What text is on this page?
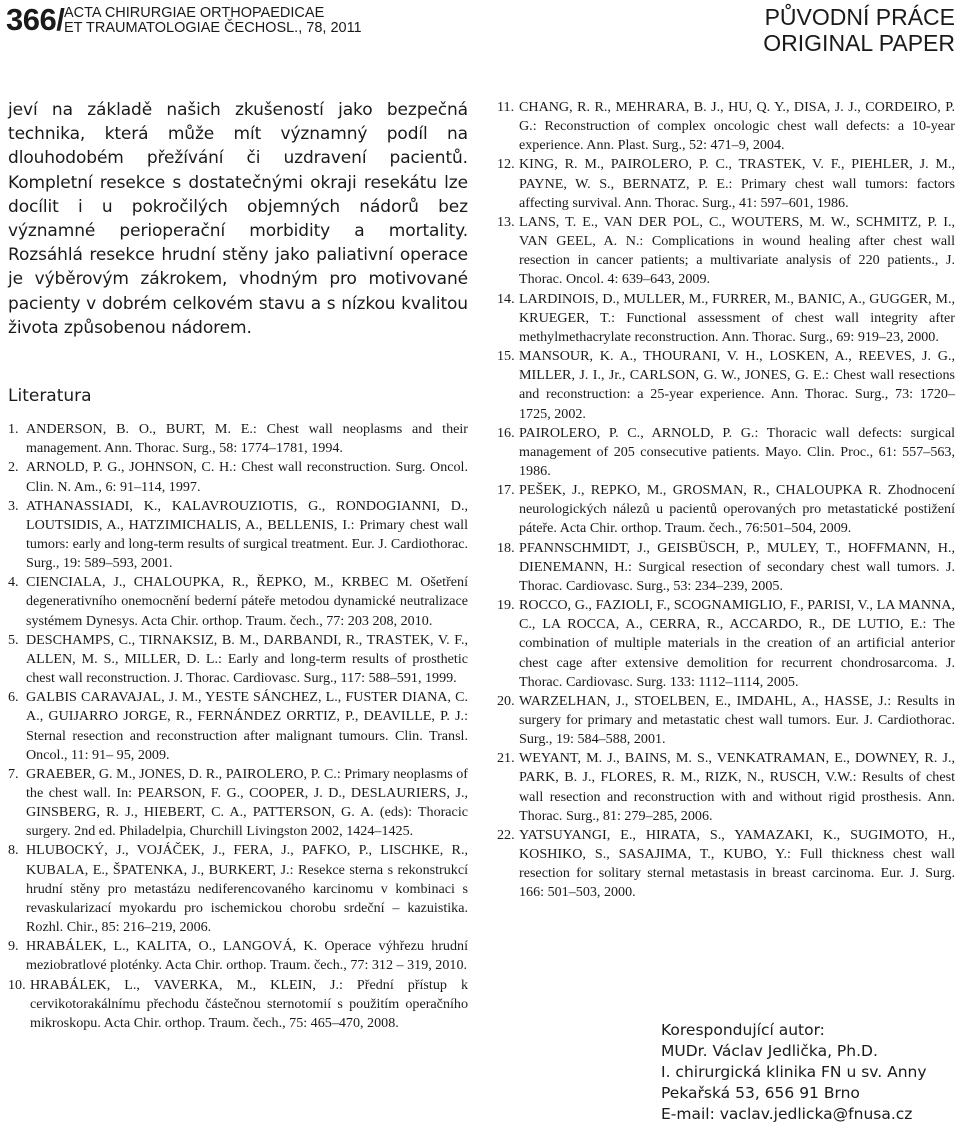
366/ ACTA CHIRURGIAE ORTHOPAEDICAE
ET TRAUMATOLOGIAE ČECHOSL., 78, 2011	PŮVODNÍ PRÁCE
ORIGINAL PAPER

jeví na základě našich zkušeností jako bezpečná technika, která může mít významný podíl na dlouhodobém přežívání či uzdravení pacientů. Kompletní resekce s dostatečnými okraji resekátu lze docílit i u pokročilých objemných nádorů bez významné perioperační morbidity a mortality. Rozsáhlá resekce hrudní stěny jako paliativní operace je výběrovým zákrokem, vhodným pro motivované pacienty v dobrém celkovém stavu a s nízkou kvalitou života způsobenou nádorem.

Literatura
1. ANDERSON, B. O., BURT, M. E.: Chest wall neoplasms and their management. Ann. Thorac. Surg., 58: 1774–1781, 1994.
2. ARNOLD, P. G., JOHNSON, C. H.: Chest wall reconstruction. Surg. Oncol. Clin. N. Am., 6: 91–114, 1997.
3. ATHANASSIADI, K., KALAVROUZIOTIS, G., RONDOGIANNI, D., LOUTSIDIS, A., HATZIMICHALIS, A., BELLENIS, I.: Primary chest wall tumors: early and long-term results of surgical treatment. Eur. J. Cardiothorac. Surg., 19: 589–593, 2001.
4. CIENCIALA, J., CHALOUPKA, R., ŘEPKO, M., KRBEC M. Ošetření degenerativního onemocnění bederní páteře metodou dynamické neutralizace systémem Dynesys. Acta Chir. orthop. Traum. čech., 77: 203 208, 2010.
5. DESCHAMPS, C., TIRNAKSIZ, B. M., DARBANDI, R., TRASTEK, V. F., ALLEN, M. S., MILLER, D. L.: Early and long-term results of prosthetic chest wall reconstruction. J. Thorac. Cardiovasc. Surg., 117: 588–591, 1999.
6. GALBIS CARAVAJAL, J. M., YESTE SÁNCHEZ, L., FUSTER DIANA, C. A., GUIJARRO JORGE, R., FERNÁNDEZ ORRTIZ, P., DEAVILLE, P. J.: Sternal resection and reconstruction after malignant tumours. Clin. Transl. Oncol., 11: 91– 95, 2009.
7. GRAEBER, G. M., JONES, D. R., PAIROLERO, P. C.: Primary neoplasms of the chest wall. In: PEARSON, F. G., COOPER, J. D., DESLAURIERS, J., GINSBERG, R. J., HIEBERT, C. A., PATTERSON, G. A. (eds): Thoracic surgery. 2nd ed. Philadelpia, Churchill Livingston 2002, 1424–1425.
8. HLUBOCKÝ, J., VOJÁČEK, J., FERA, J., PAFKO, P., LISCHKE, R., KUBALA, E., ŠPATENKA, J., BURKERT, J.: Resekce sterna s rekonstrukcí hrudní stěny pro metastázu nediferencovaného karcinomu v kombinaci s revaskularizací myokardu pro ischemickou chorobu srdeční – kazuistika. Rozhl. Chir., 85: 216–219, 2006.
9. HRABÁLEK, L., KALITA, O., LANGOVÁ, K. Operace výhřezu hrudní meziobratlové ploténky. Acta Chir. orthop. Traum. čech., 77: 312 – 319, 2010.
10. HRABÁLEK, L., VAVERKA, M., KLEIN, J.: Přední přístup k cervikotorakálnímu přechodu částečnou sternotomií s použitím operačního mikroskopu. Acta Chir. orthop. Traum. čech., 75: 465–470, 2008.
11. CHANG, R. R., MEHRARA, B. J., HU, Q. Y., DISA, J. J., CORDEIRO, P. G.: Reconstruction of complex oncologic chest wall defects: a 10-year experience. Ann. Plast. Surg., 52: 471–9, 2004.
12. KING, R. M., PAIROLERO, P. C., TRASTEK, V. F., PIEHLER, J. M., PAYNE, W. S., BERNATZ, P. E.: Primary chest wall tumors: factors affecting survival. Ann. Thorac. Surg., 41: 597–601, 1986.
13. LANS, T. E., VAN DER POL, C., WOUTERS, M. W., SCHMITZ, P. I., VAN GEEL, A. N.: Complications in wound healing after chest wall resection in cancer patients; a multivariate analysis of 220 patients., J. Thorac. Oncol. 4: 639–643, 2009.
14. LARDINOIS, D., MULLER, M., FURRER, M., BANIC, A., GUGGER, M., KRUEGER, T.: Functional assessment of chest wall integrity after methylmethacrylate reconstruction. Ann. Thorac. Surg., 69: 919–23, 2000.
15. MANSOUR, K. A., THOURANI, V. H., LOSKEN, A., REEVES, J. G., MILLER, J. I., Jr., CARLSON, G. W., JONES, G. E.: Chest wall resections and reconstruction: a 25-year experience. Ann. Thorac. Surg., 73: 1720–1725, 2002.
16. PAIROLERO, P. C., ARNOLD, P. G.: Thoracic wall defects: surgical management of 205 consecutive patients. Mayo. Clin. Proc., 61: 557–563, 1986.
17. PEŠEK, J., REPKO, M., GROSMAN, R., CHALOUPKA R. Zhodnocení neurologických nálezů u pacientů operovaných pro metastatické postižení páteře. Acta Chir. orthop. Traum. čech., 76:501–504, 2009.
18. PFANNSCHMIDT, J., GEISBÜSCH, P., MULEY, T., HOFFMANN, H., DIENEMANN, H.: Surgical resection of secondary chest wall tumors. J. Thorac. Cardiovasc. Surg., 53: 234–239, 2005.
19. ROCCO, G., FAZIOLI, F., SCOGNAMIGLIO, F., PARISI, V., LA MANNA, C., LA ROCCA, A., CERRA, R., ACCARDO, R., DE LUTIO, E.: The combination of multiple materials in the creation of an artificial anterior chest cage after extensive demolition for recurrent chondrosarcoma. J. Thorac. Cardiovasc. Surg. 133: 1112–1114, 2005.
20. WARZELHAN, J., STOELBEN, E., IMDAHL, A., HASSE, J.: Results in surgery for primary and metastatic chest wall tumors. Eur. J. Cardiothorac. Surg., 19: 584–588, 2001.
21. WEYANT, M. J., BAINS, M. S., VENKATRAMAN, E., DOWNEY, R. J., PARK, B. J., FLORES, R. M., RIZK, N., RUSCH, V.W.: Results of chest wall resection and reconstruction with and without rigid prosthesis. Ann. Thorac. Surg., 81: 279–285, 2006.
22. YATSUYANGI, E., HIRATA, S., YAMAZAKI, K., SUGIMOTO, H., KOSHIKO, S., SASAJIMA, T., KUBO, Y.: Full thickness chest wall resection for solitary sternal metastasis in breast carcinoma. Eur. J. Surg. 166: 501–503, 2000.
Korespondující autor:
MUDr. Václav Jedlička, Ph.D.
I. chirurgická klinika FN u sv. Anny
Pekařská 53, 656 91 Brno
E-mail: vaclav.jedlicka@fnusa.cz
